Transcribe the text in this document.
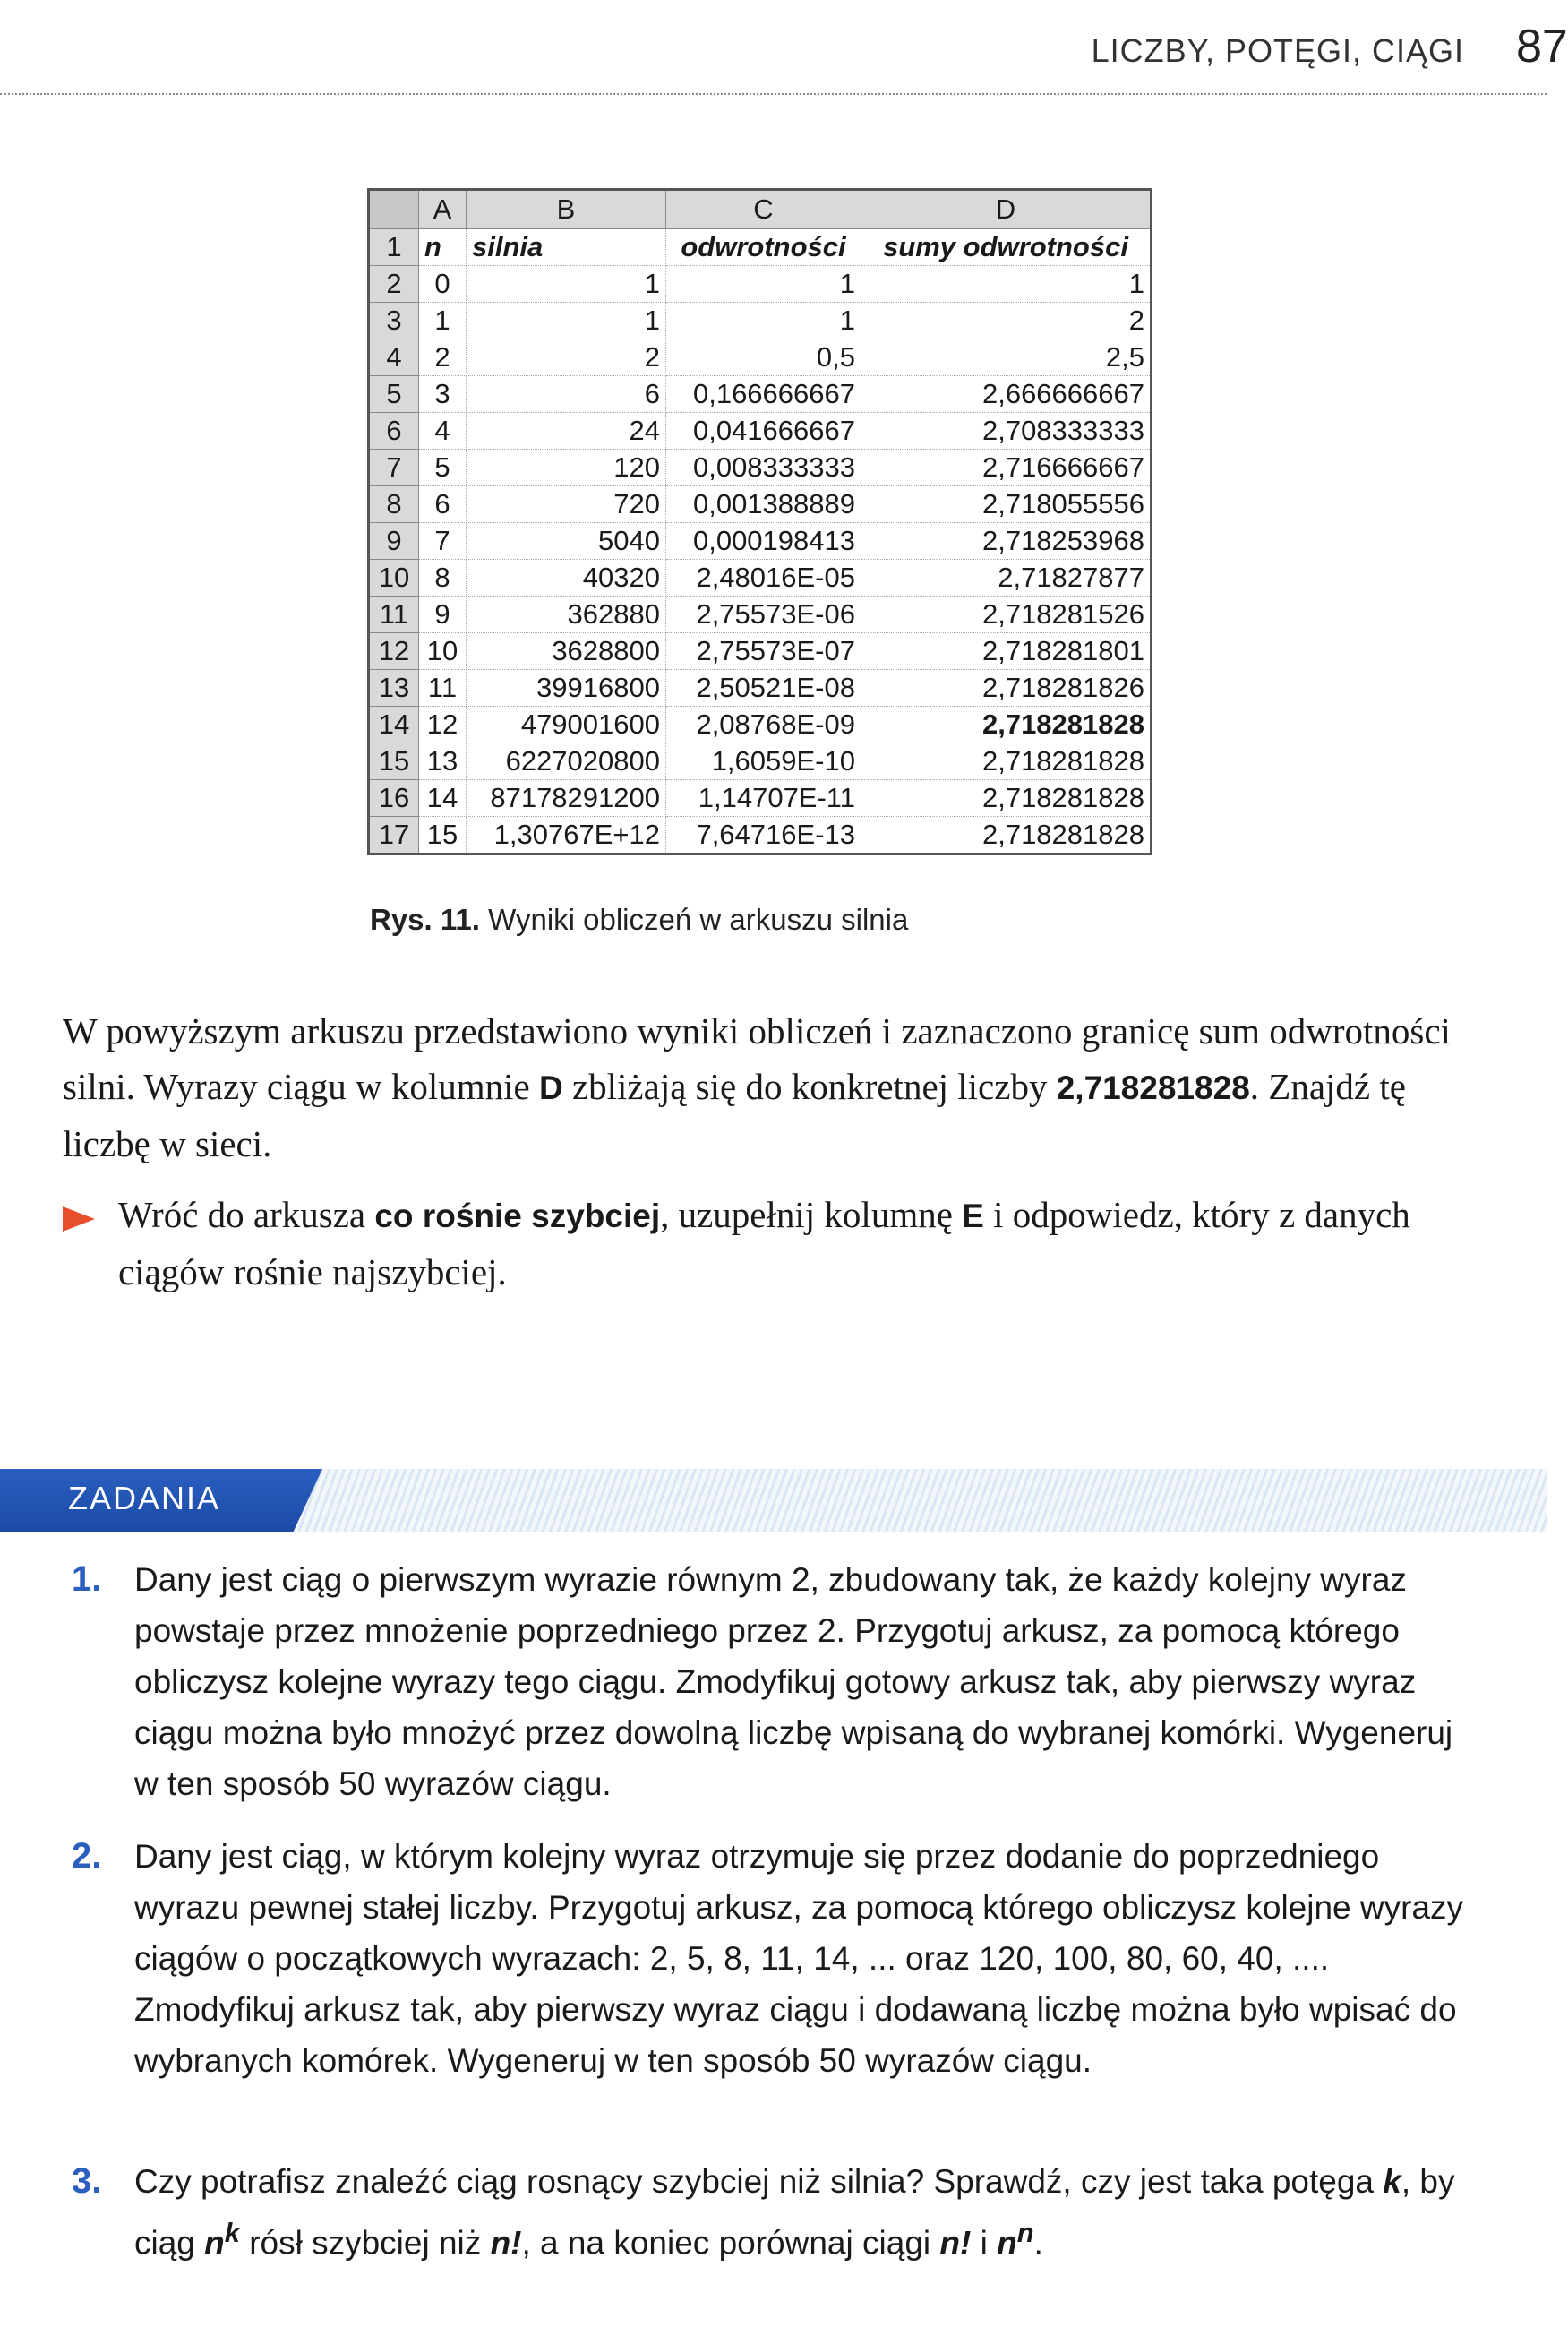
LICZBY, POTĘGI, CIĄGI 87
	A	B	C	D
1	n	silnia	odwrotności	sumy odwrotności
2	0	1	1	1
3	1	1	1	2
4	2	2	0,5	2,5
5	3	6	0,166666667	2,666666667
6	4	24	0,041666667	2,708333333
7	5	120	0,008333333	2,716666667
8	6	720	0,001388889	2,718055556
9	7	5040	0,000198413	2,718253968
10	8	40320	2,48016E-05	2,71827877
11	9	362880	2,75573E-06	2,718281526
12	10	3628800	2,75573E-07	2,718281801
13	11	39916800	2,50521E-08	2,718281826
14	12	479001600	2,08768E-09	2,718281828
15	13	6227020800	1,6059E-10	2,718281828
16	14	87178291200	1,14707E-11	2,718281828
17	15	1,30767E+12	7,64716E-13	2,718281828
Rys. 11. Wyniki obliczeń w arkuszu silnia
W powyższym arkuszu przedstawiono wyniki obliczeń i zaznaczono granicę sum odwrotności silni. Wyrazy ciągu w kolumnie D zbliżają się do konkretnej liczby 2,718281828. Znajdź tę liczbę w sieci.
Wróć do arkusza co rośnie szybciej, uzupełnij kolumnę E i odpowiedz, który z danych ciągów rośnie najszybciej.
ZADANIA
1. Dany jest ciąg o pierwszym wyrazie równym 2, zbudowany tak, że każdy kolejny wyraz powstaje przez mnożenie poprzedniego przez 2. Przygotuj arkusz, za pomocą którego obliczysz kolejne wyrazy tego ciągu. Zmodyfikuj gotowy arkusz tak, aby pierwszy wyraz ciągu można było mnożyć przez dowolną liczbę wpisaną do wybranej komórki. Wygeneruj w ten sposób 50 wyrazów ciągu.
2. Dany jest ciąg, w którym kolejny wyraz otrzymuje się przez dodanie do poprzedniego wyrazu pewnej stałej liczby. Przygotuj arkusz, za pomocą którego obliczysz kolejne wyrazy ciągów o początkowych wyrazach: 2, 5, 8, 11, 14, ... oraz 120, 100, 80, 60, 40, .... Zmodyfikuj arkusz tak, aby pierwszy wyraz ciągu i dodawaną liczbę można było wpisać do wybranych komórek. Wygeneruj w ten sposób 50 wyrazów ciągu.
3. Czy potrafisz znaleźć ciąg rosnący szybciej niż silnia? Sprawdź, czy jest taka potęga k, by ciąg $n^k$ rósł szybciej niż n!, a na koniec porównaj ciągi n! i $n^n$.
